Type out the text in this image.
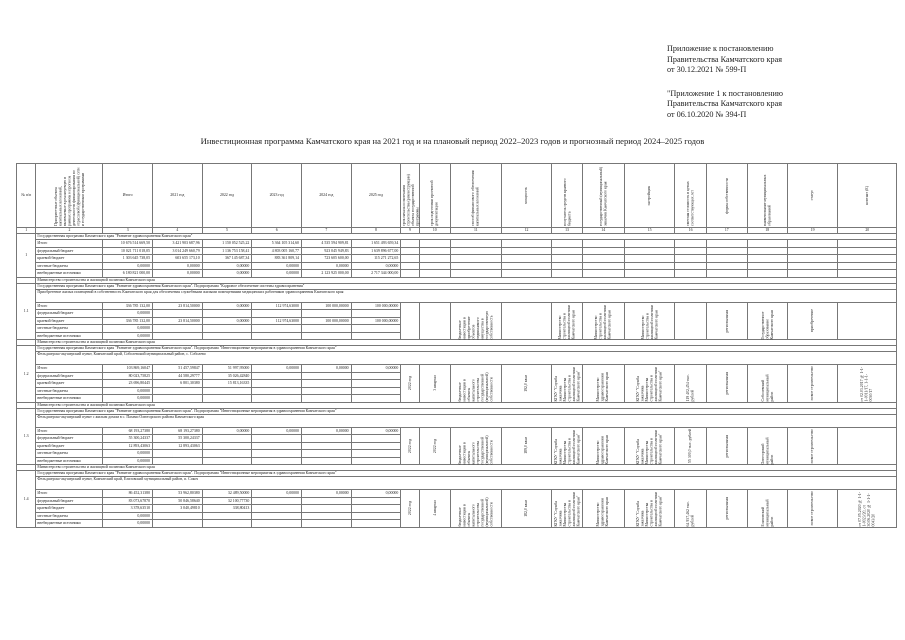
Приложение к постановлению
Правительства Камчатского края
от 30.12.2021 № 599-П

"Приложение 1 к постановлению
Правительства Камчатского края
от 06.10.2020 № 394-П

Инвестиционная программа Камчатского края на 2021 год и на плановый период 2022–2023 годов и прогнозный период 2024–2025 годов
№ п/п	Приоритетные объекты капитальных вложений, включаемые в реализуемую в рамках программы и прогноза деятельности финансирования по отраслевой (функциональной) сети и государственным программам	Итого	2021 год	2022 год	2023 год	2024 год	2025 год	срок начала и окончания строительства (реконструкции) объекта государственной программы	срок подготовки проектной документации	способ финансового обеспечения капитальных вложений	мощность	получатель средств краевого бюджета	государственный (муниципальный) заказчик Камчатского края	застройщик	сметная стоимость в ценах соответствующих лет	форма собственности	наименование муниципальных образований	статус	контакт (Е)

1	2	3	4	5	6	7	8	9	10	11	12	13	14	15	16	17	18	19	20
1	Государственная программа Камчатского края "Развитие здравоохранения Камчатского края"																		
	Итого	10 676 514 669,50	3 421 903 687,96	1 150 052 525,22	5 364 105 314,60	4 535 594 909,81	1 651 493 659,34												
	федеральный бюджет	10 021 711 018,05	3 014 249 660,79	1 136 753 158,41	4 803 005 160,77	923 045 949,83	1 639 896 677,00												
	краевой бюджет	1 303 645 738,05	603 655 173,10	367 145 687,34	883 361 809,14	723 605 600,00	115 271 272,65												
	местные бюджеты	0,00000	0,00000	0,00000	0,00000	0,00000	0,00000												
	внебюджетные источники	6 180 821 000,00	0,00000	0,00000	0,00000	2 123 925 000,00	2 717 344 000,00												
	Министерство строительства и жилищной политики Камчатского края																		
1.1	Государственная программа Камчатского края "Развитие здравоохранения Камчатского края". Подпрограмма "Кадровое обеспечение системы здравоохранения"																		
	Приобретение жилых помещений в собственность Камчатского края для обеспечения служебными жилыми помещениями медицинских работников здравоохранения Камчатского края																		
	Итого	336 785 132,00	23 814,50000	0,00000	112 974,63000	100 000,00000	100 000,00000			бюджетные инвестиции в приобретение объектов недвижимого имущества в государственную собственность		Министерство строительства и жилищной политики Камчатского края	Министерство строительства и жилищной политики Камчатского края	Министерство строительства и жилищной политики Камчатского края		региональная	Государственное образование Камчатского края	приобретение	

	федеральный бюджет	0,00000																	
	краевой бюджет	336 785 132,00	23 814,50000	0,00000	112 974,63000	100 000,00000	100 000,00000												
	местные бюджеты	0,00000																	
	внебюджетные источники	0,00000																	
	Министерство строительства и жилищной политики Камчатского края																		
1.2	Государственная программа Камчатского края "Развитие здравоохранения Камчатского края". Подпрограмма "Инвестиционные мероприятия в здравоохранении Камчатского края"																		
	Фельдшерско-акушерский пункт, Камчатский край, Соболевский муниципальный район, с. Соболево																		
	Итого	103 869,16047	51 457,59847	51 997,95000	0,00000	0,00000	0,00000	2022 год	3 квартал	бюджетные инвестиции в объекты капитального строительства государственной (муниципальной) собственности	192,0 кв.м	КГКУ "Служба заказчика Министерства строительства и жилищной политики Камчатского края"	Министерство здравоохранения Камчатского края	КГКУ "Служба заказчика Министерства строительства и жилищной политики Камчатского края"	119 402,454 тыс. рублей	региональная	Соболевский муниципальный район	новое строительство	от 02.03.2017 № 1-1-1-0011/17, 1-1-1-0030/17

	федеральный бюджет	80 023,75825	44 580,29777	35 026,42840															
	краевой бюджет	23 696,80445	6 801,30380	15 813,16335															
	местные бюджеты	0,00000																	
	внебюджетные источники	0,00000																	
	Министерство строительства и жилищной политики Камчатского края																		
1.3	Государственная программа Камчатского края "Развитие здравоохранения Камчатского края". Подпрограмма "Инвестиционные мероприятия в здравоохранении Камчатского края"																		
	Фельдшерско-акушерский пункт с жилым домом в с. Пахачи Олюторского района Камчатского края																		
	Итого	68 193,27380	68 193,27380	0,00000	0,00000	0,00000	0,00000	2022 год	2022 год	бюджетные инвестиции в объекты капитального строительства государственной (муниципальной) собственности	189,0 кв.м	КГКУ "Служба заказчика Министерства строительства и жилищной политики Камчатского края"	Министерство здравоохранения Камчатского края	КГКУ "Служба заказчика Министерства строительства и жилищной политики Камчатского края"	55 300,0 тыс. рублей	региональная	Олюторский муниципальный район	новое строительство	

	федеральный бюджет	55 300,24337	55 300,24337																
	краевой бюджет	12 893,43063	12 893,43063																
	местные бюджеты	0,00000																	
	внебюджетные источники	0,00000																	
	Министерство строительства и жилищной политики Камчатского края																		
1.4	Государственная программа Камчатского края "Развитие здравоохранения Камчатского края". Подпрограмма "Инвестиционные мероприятия в здравоохранении Камчатского края"																		
	Фельдшерско-акушерский пункт, Камчатский край, Елизовский муниципальный район, п. Сокоч																		
	Итого	86 452,31380	53 962,80380	32 489,50000	0,00000	0,00000	0,00000	2022 год	4 квартал	бюджетные инвестиции в объекты капитального строительства государственной (муниципальной) собственности	182,0 кв.м	КГКУ "Служба заказчика Министерства строительства и жилищной политики Камчатского края"	Министерство здравоохранения Камчатского края	КГКУ "Служба заказчика Министерства строительства и жилищной политики Камчатского края"	64 937,462 тыс. рублей	региональная	Елизовский муниципальный район	новое строительство	от 07.05.2020 № 1-1-1-0023/20, от 30.06.2020 № 1-1-1-0043/20

	федеральный бюджет	83 073,67870	50 846,58640	32 100,77730															
	краевой бюджет	3 378,63510	3 040,49810	338,80413															
	местные бюджеты	0,00000																	
	внебюджетные источники	0,00000																	
